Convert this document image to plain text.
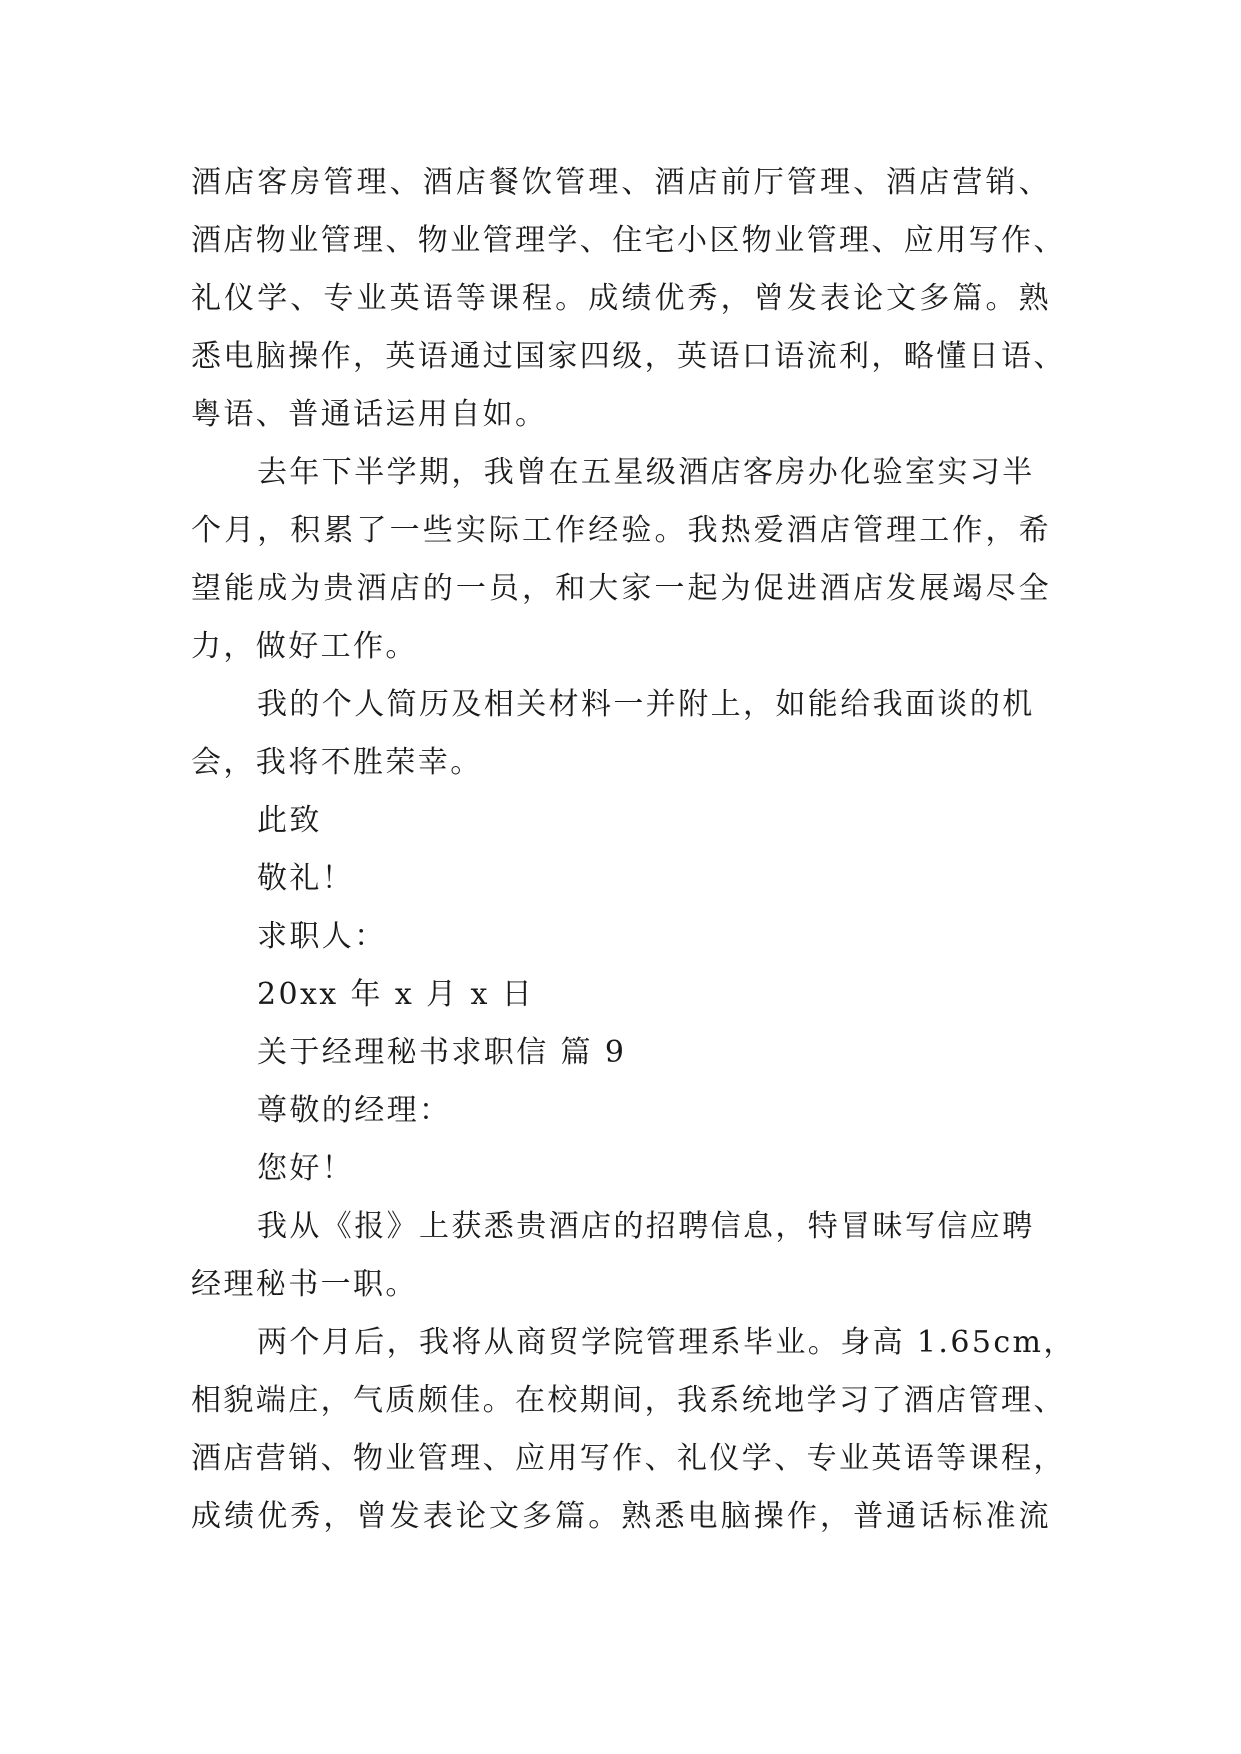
酒店客房管理、酒店餐饮管理、酒店前厅管理、酒店营销、
酒店物业管理、物业管理学、住宅小区物业管理、应用写作、
礼仪学、专业英语等课程。成绩优秀，曾发表论文多篇。熟
悉电脑操作，英语通过国家四级，英语口语流利，略懂日语、
粤语、普通话运用自如。
去年下半学期，我曾在五星级酒店客房办化验室实习半
个月，积累了一些实际工作经验。我热爱酒店管理工作，希
望能成为贵酒店的一员，和大家一起为促进酒店发展竭尽全
力，做好工作。
我的个人简历及相关材料一并附上，如能给我面谈的机
会，我将不胜荣幸。
此致
敬礼！
求职人：
20xx 年 x 月 x 日
关于经理秘书求职信 篇 9
尊敬的经理：
您好！
我从《报》上获悉贵酒店的招聘信息，特冒昧写信应聘
经理秘书一职。
两个月后，我将从商贸学院管理系毕业。身高 1.65cm，
相貌端庄，气质颇佳。在校期间，我系统地学习了酒店管理、
酒店营销、物业管理、应用写作、礼仪学、专业英语等课程，
成绩优秀，曾发表论文多篇。熟悉电脑操作，普通话标准流
